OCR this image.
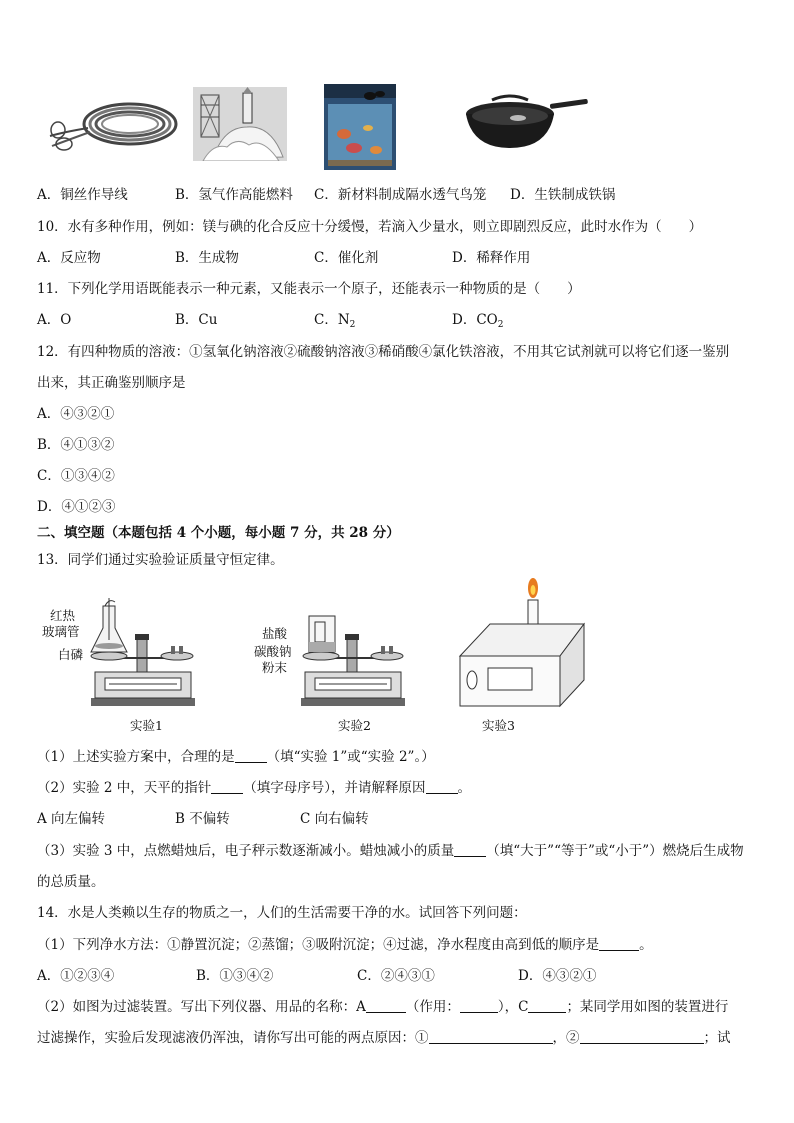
A．铜丝作导线	B．氢气作高能燃料 C．新材料制成隔水透气鸟笼 D．生铁制成铁锅
10．水有多种作用，例如：镁与碘的化合反应十分缓慢，若滴入少量水，则立即剧烈反应，此时水作为（　　）
A．反应物	B．生成物	C．催化剂	D．稀释作用
11．下列化学用语既能表示一种元素，又能表示一个原子，还能表示一种物质的是（　　）
A．O	B．Cu	C．$N_2$	D．$CO_2$
12．有四种物质的溶液：①氢氧化钠溶液②硫酸钠溶液③稀硝酸④氯化铁溶液，不用其它试剂就可以将它们逐一鉴别
出来，其正确鉴别顺序是
A．④③②①
B．④①③②
C．①③④②
D．④①②③
二、填空题（本题包括 4 个小题，每小题 7 分，共 28 分）
13．同学们通过实验验证质量守恒定律。
红热
玻璃管
白磷
实验1
盐酸
碳酸钠
粉末
实验2	实验3
（1）上述实验方案中，合理的是 （填“实验 1”或“实验 2”。）
（2）实验 2 中，天平的指针 （填字母序号），并请解释原因 。
A 向左偏转	B 不偏转	C 向右偏转
（3）实验 3 中，点燃蜡烛后，电子秤示数逐渐减小。蜡烛减小的质量 （填“大于”“等于”或“小于”）燃烧后生成物
的总质量。
14．水是人类赖以生存的物质之一，人们的生活需要干净的水。试回答下列问题：
（1）下列净水方法：①静置沉淀；②蒸馏；③吸附沉淀；④过滤，净水程度由高到低的顺序是	。
A．①②③④	B．①③④②	C．②④③①	D．④③②①
（2）如图为过滤装置。写出下列仪器、用品的名称：A	（作用：	），C	；某同学用如图的装置进行
过滤操作，实验后发现滤液仍浑浊，请你写出可能的两点原因：①	，②	；试
